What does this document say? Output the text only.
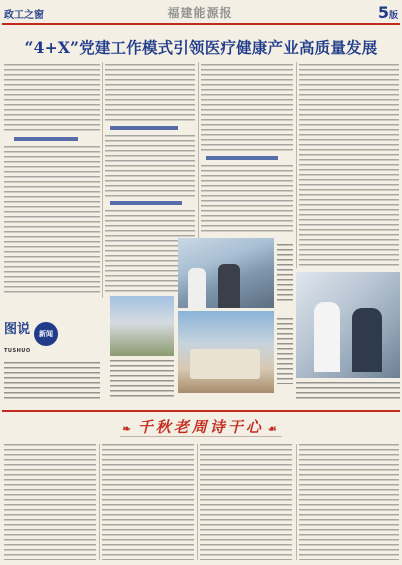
政工之窗	福建能源报	5版
“4+X”党建工作模式引领医疗健康产业高质量发展
图说	新闻
TUSHUO
❧ 千秋老周诗干心 ☙
